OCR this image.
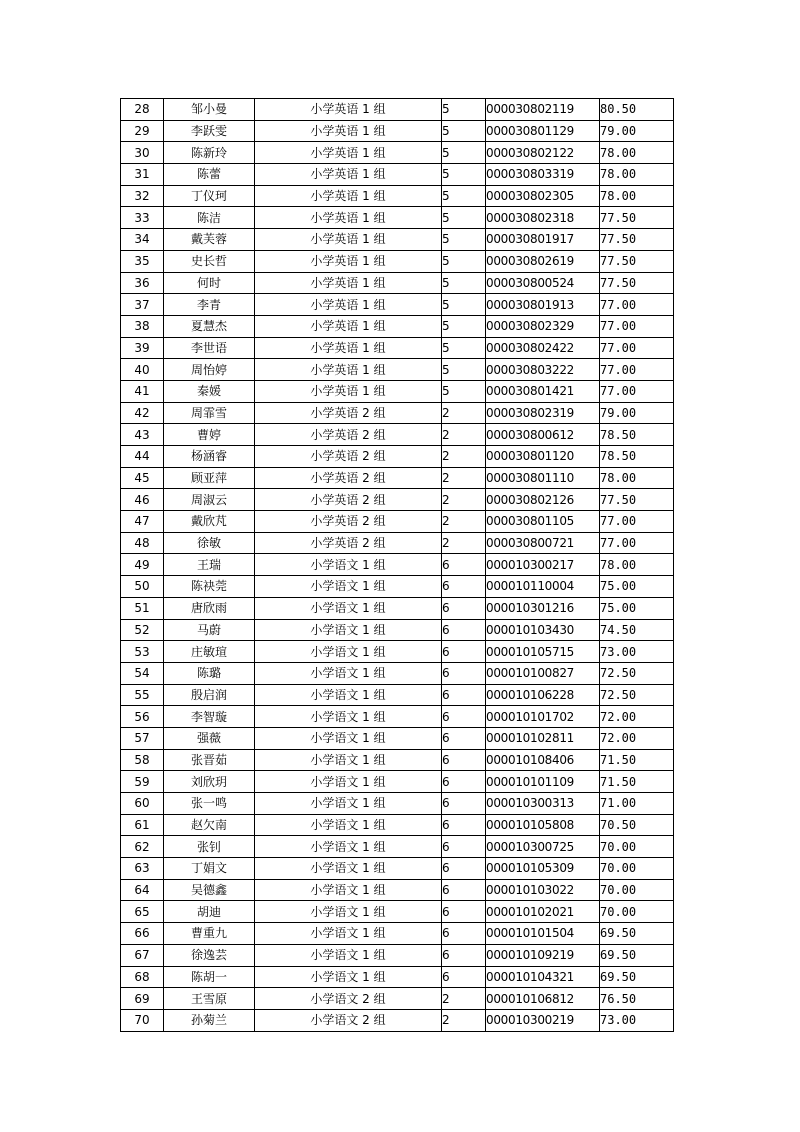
28	邹小曼	小学英语 1 组	5	000030802119	80.50
29	李跃雯	小学英语 1 组	5	000030801129	79.00
30	陈新玲	小学英语 1 组	5	000030802122	78.00
31	陈蕾	小学英语 1 组	5	000030803319	78.00
32	丁仪珂	小学英语 1 组	5	000030802305	78.00
33	陈洁	小学英语 1 组	5	000030802318	77.50
34	戴芙蓉	小学英语 1 组	5	000030801917	77.50
35	史长哲	小学英语 1 组	5	000030802619	77.50
36	何时	小学英语 1 组	5	000030800524	77.50
37	李青	小学英语 1 组	5	000030801913	77.00
38	夏慧杰	小学英语 1 组	5	000030802329	77.00
39	李世语	小学英语 1 组	5	000030802422	77.00
40	周怡婷	小学英语 1 组	5	000030803222	77.00
41	秦媛	小学英语 1 组	5	000030801421	77.00
42	周霏雪	小学英语 2 组	2	000030802319	79.00
43	曹婷	小学英语 2 组	2	000030800612	78.50
44	杨涵睿	小学英语 2 组	2	000030801120	78.50
45	顾亚萍	小学英语 2 组	2	000030801110	78.00
46	周淑云	小学英语 2 组	2	000030802126	77.50
47	戴欣芃	小学英语 2 组	2	000030801105	77.00
48	徐敏	小学英语 2 组	2	000030800721	77.00
49	王瑞	小学语文 1 组	6	000010300217	78.00
50	陈袂莞	小学语文 1 组	6	000010110004	75.00
51	唐欣雨	小学语文 1 组	6	000010301216	75.00
52	马蔚	小学语文 1 组	6	000010103430	74.50
53	庄敏瑄	小学语文 1 组	6	000010105715	73.00
54	陈璐	小学语文 1 组	6	000010100827	72.50
55	殷启润	小学语文 1 组	6	000010106228	72.50
56	李智璇	小学语文 1 组	6	000010101702	72.00
57	强薇	小学语文 1 组	6	000010102811	72.00
58	张晋茹	小学语文 1 组	6	000010108406	71.50
59	刘欣玥	小学语文 1 组	6	000010101109	71.50
60	张一鸣	小学语文 1 组	6	000010300313	71.00
61	赵欠南	小学语文 1 组	6	000010105808	70.50
62	张钊	小学语文 1 组	6	000010300725	70.00
63	丁娟文	小学语文 1 组	6	000010105309	70.00
64	吴德鑫	小学语文 1 组	6	000010103022	70.00
65	胡迪	小学语文 1 组	6	000010102021	70.00
66	曹重九	小学语文 1 组	6	000010101504	69.50
67	徐逸芸	小学语文 1 组	6	000010109219	69.50
68	陈胡一	小学语文 1 组	6	000010104321	69.50
69	王雪原	小学语文 2 组	2	000010106812	76.50
70	孙菊兰	小学语文 2 组	2	000010300219	73.00
